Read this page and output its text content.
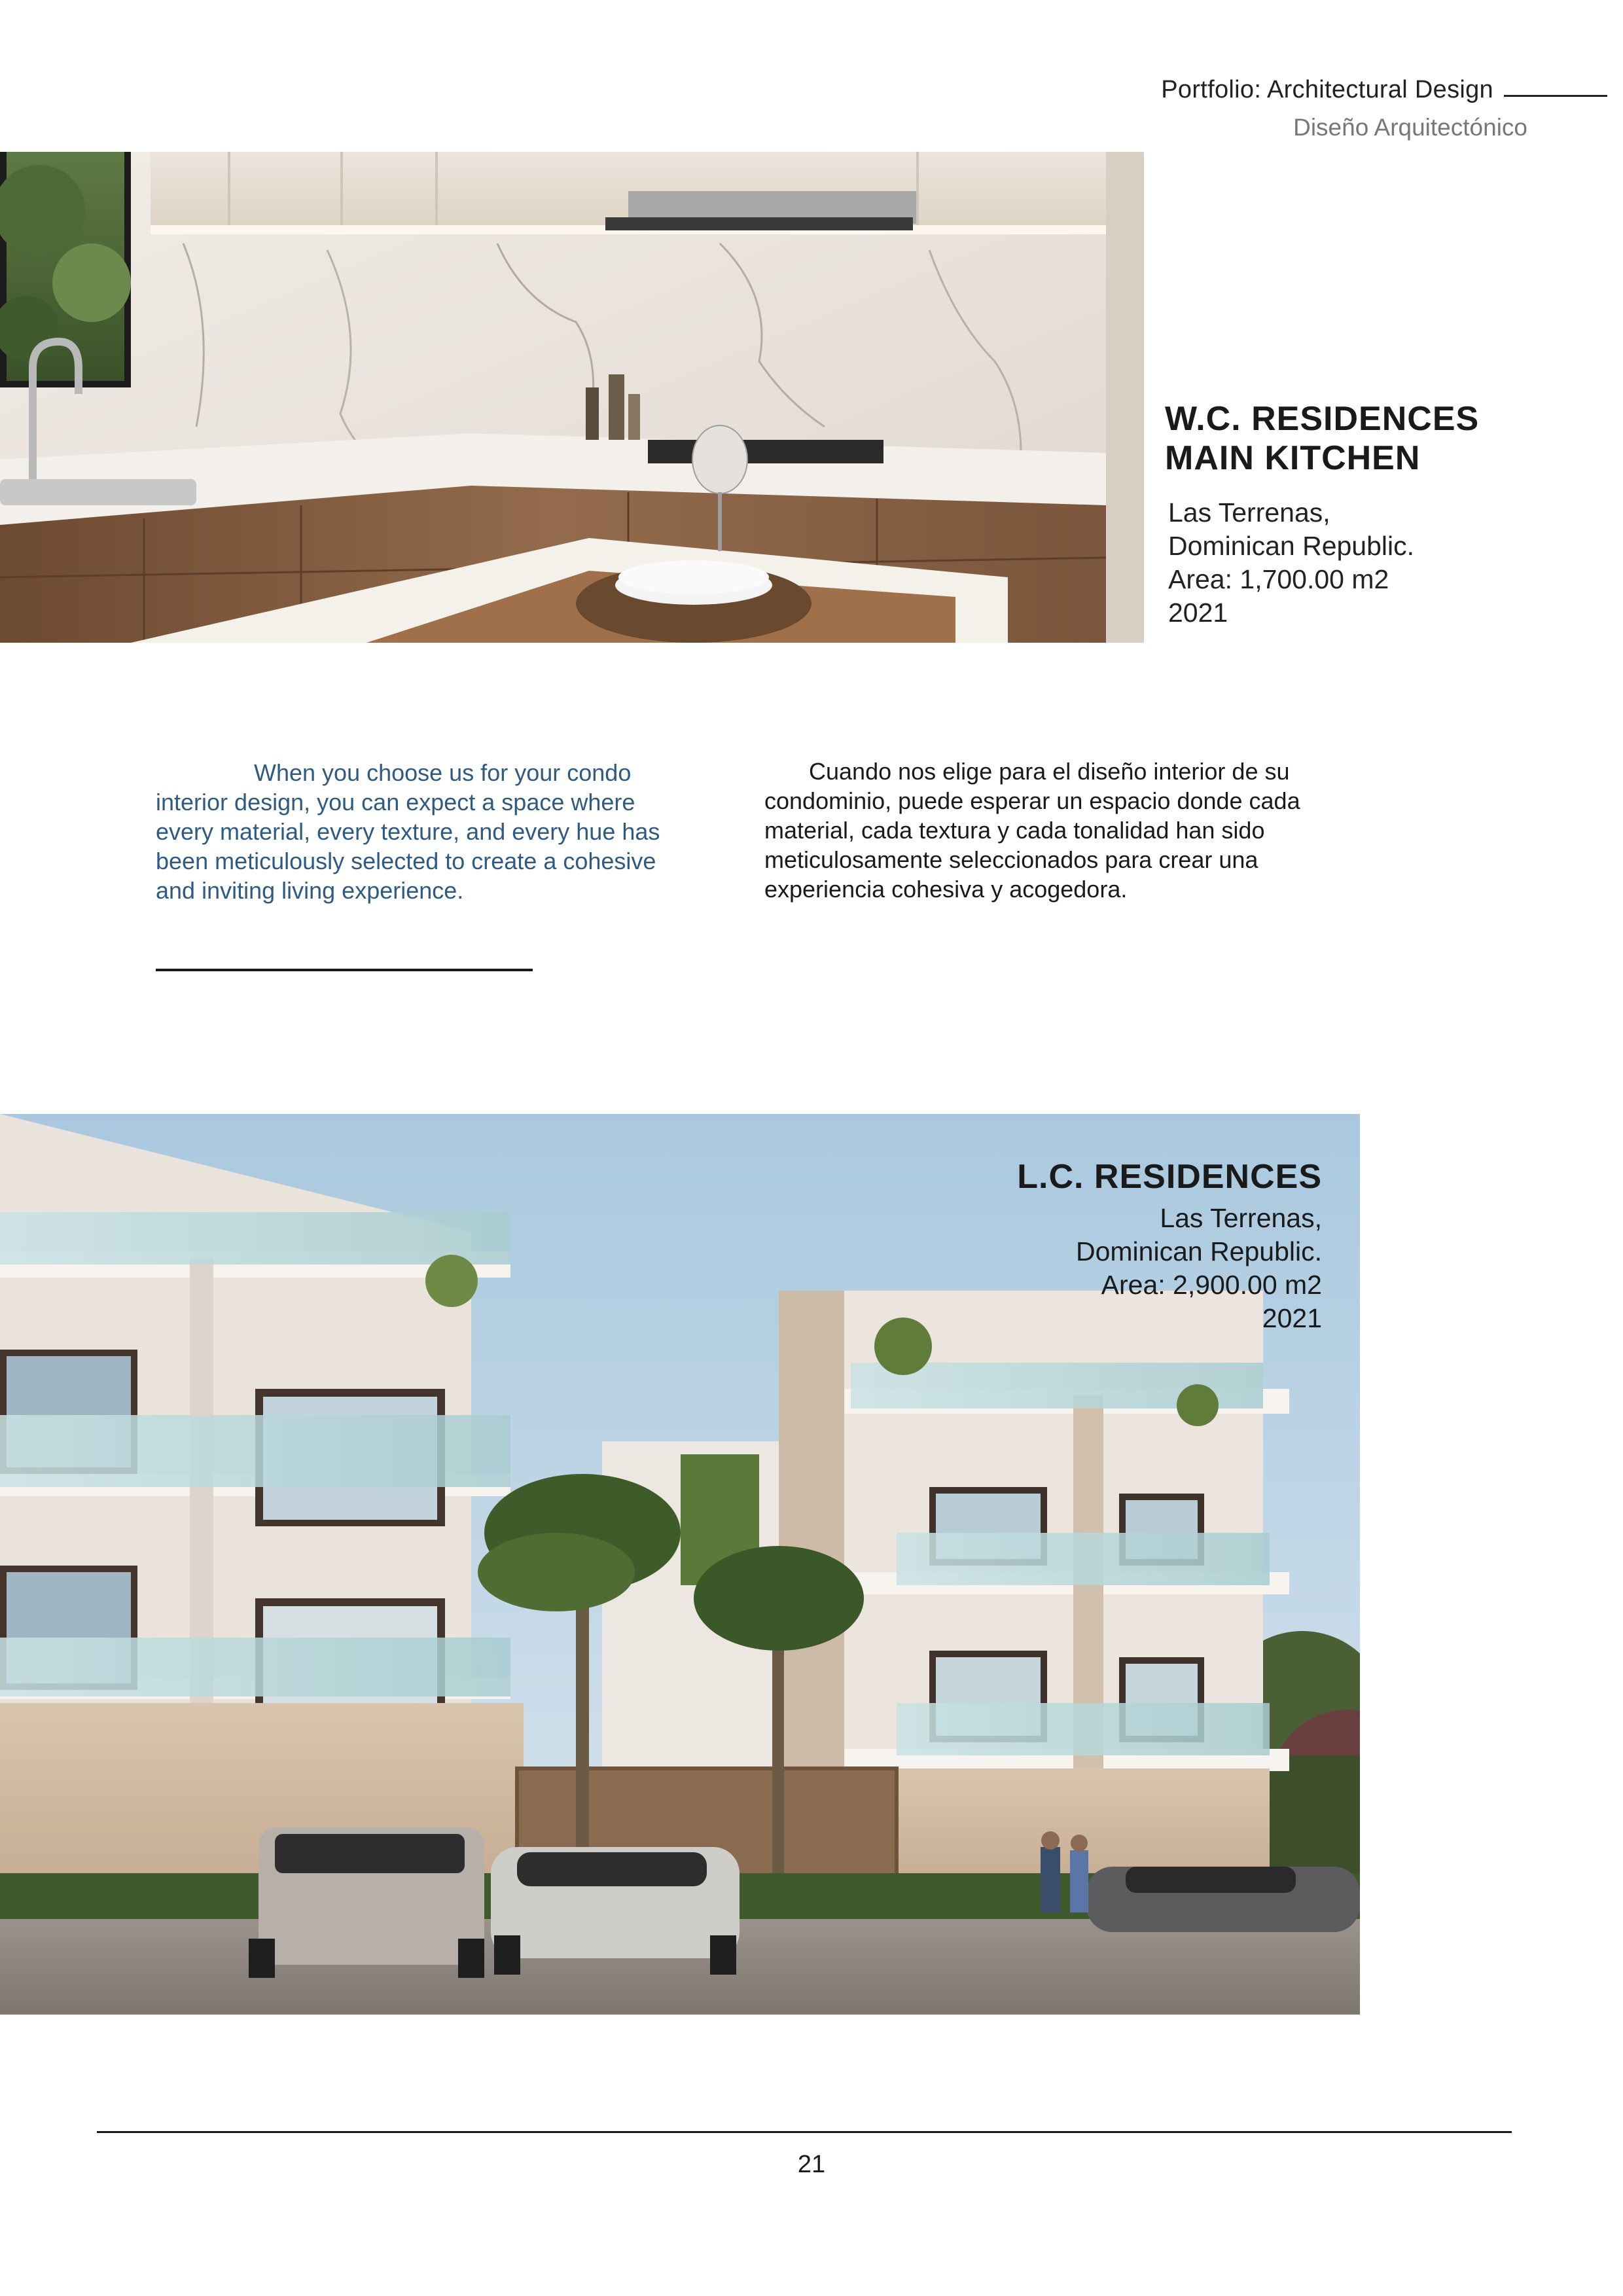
Portfolio: Architectural Design
Diseño Arquitectónico
W.C. RESIDENCES
MAIN KITCHEN
Las Terrenas,
Dominican Republic.
Area: 1,700.00 m2
2021

When you choose us for your condo interior design, you can expect a space where every material, every texture, and every hue has been meticulously selected to create a cohesive and inviting living experience.

Cuando nos elige para el diseño interior de su condominio, puede esperar un espacio donde cada material, cada textura y cada tonalidad han sido meticulosamente seleccionados para crear una experiencia cohesiva y acogedora.

L.C. RESIDENCES
Las Terrenas,
Dominican Republic.
Area: 2,900.00 m2
2021
21
